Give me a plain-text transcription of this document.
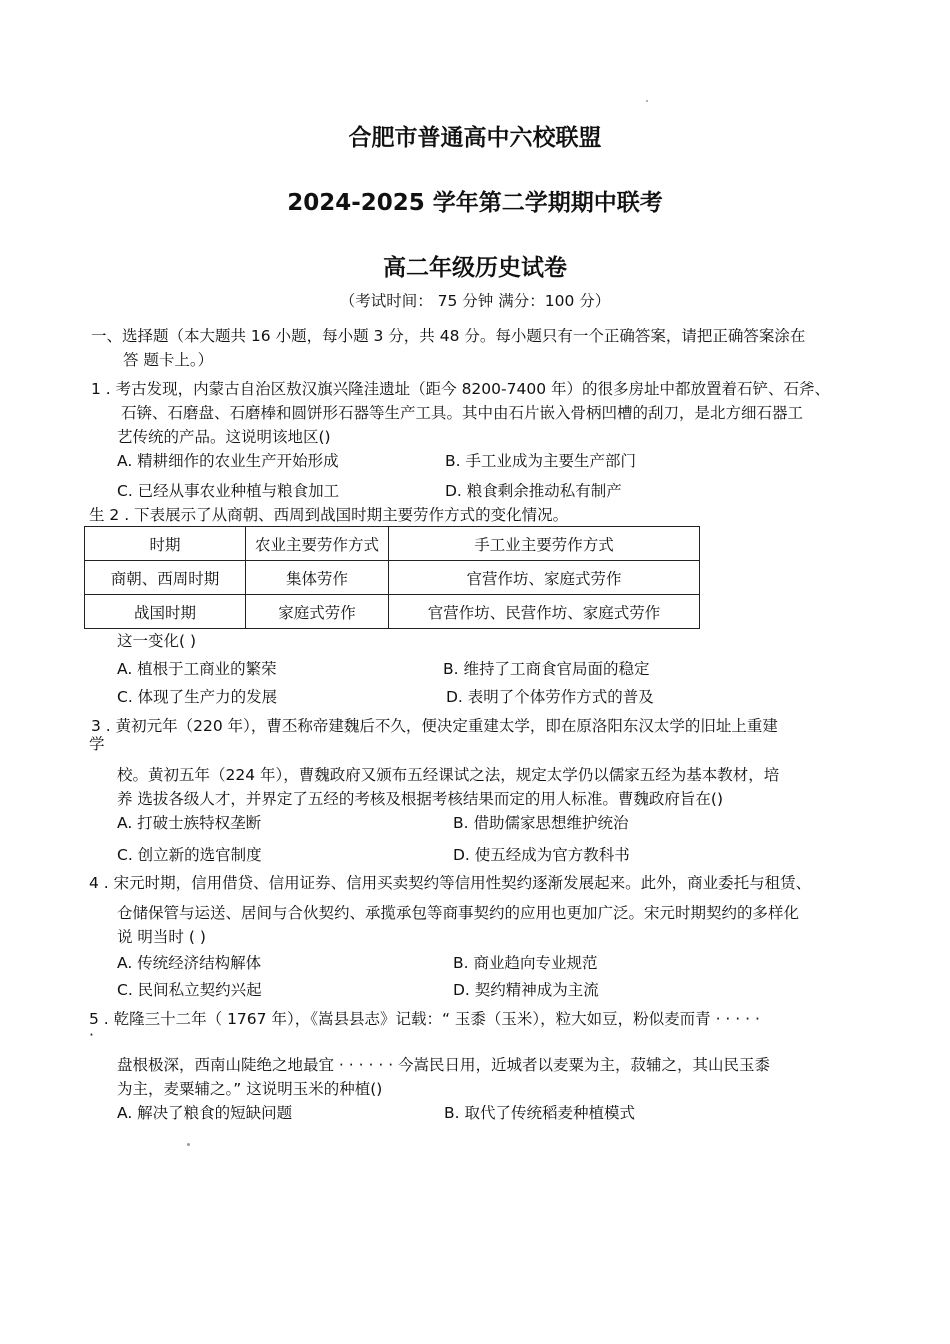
合肥市普通高中六校联盟
2024-2025 学年第二学期期中联考
高二年级历史试卷
（考试时间： 75 分钟 满分：100 分）
一、选择题（本大题共 16 小题，每小题 3 分，共 48 分。每小题只有一个正确答案，请把正确答案涂在
答 题卡上。）
1 . 考古发现，内蒙古自治区敖汉旗兴隆洼遗址（距今 8200-7400 年）的很多房址中都放置着石铲、石斧、
石锛、石磨盘、石磨棒和圆饼形石器等生产工具。其中由石片嵌入骨柄凹槽的刮刀，是北方细石器工
艺传统的产品。这说明该地区()
A. 精耕细作的农业生产开始形成	B. 手工业成为主要生产部门
C. 已经从事农业种植与粮食加工	D. 粮食剩余推动私有制产
生 2 . 下表展示了从商朝、西周到战国时期主要劳作方式的变化情况。
时期	农业主要劳作方式	手工业主要劳作方式
商朝、西周时期	集体劳作	官营作坊、家庭式劳作
战国时期	家庭式劳作	官营作坊、民营作坊、家庭式劳作
这一变化( )
A. 植根于工商业的繁荣	B. 维持了工商食官局面的稳定
C. 体现了生产力的发展	D. 表明了个体劳作方式的普及
3 . 黄初元年（220 年），曹丕称帝建魏后不久，便决定重建太学，即在原洛阳东汉太学的旧址上重建
学
校。黄初五年（224 年），曹魏政府又颁布五经课试之法，规定太学仍以儒家五经为基本教材，培
养 选拔各级人才，并界定了五经的考核及根据考核结果而定的用人标准。曹魏政府旨在()
A. 打破士族特权垄断	B. 借助儒家思想维护统治
C. 创立新的选官制度	D. 使五经成为官方教科书
4 . 宋元时期，信用借贷、信用证券、信用买卖契约等信用性契约逐渐发展起来。此外，商业委托与租赁、
仓储保管与运送、居间与合伙契约、承揽承包等商事契约的应用也更加广泛。宋元时期契约的多样化
说 明当时 ( )
A. 传统经济结构解体	B. 商业趋向专业规范
C. 民间私立契约兴起	D. 契约精神成为主流
5 . 乾隆三十二年（ 1767 年），《嵩县县志》记载：“ 玉黍（玉米），粒大如豆，粉似麦而青 · · · · ·
·
盘根极深，西南山陡绝之地最宜 · · · · · · 今嵩民日用，近城者以麦粟为主，菽辅之，其山民玉黍
为主，麦粟辅之。” 这说明玉米的种植()
A. 解决了粮食的短缺问题	B. 取代了传统稻麦种植模式
